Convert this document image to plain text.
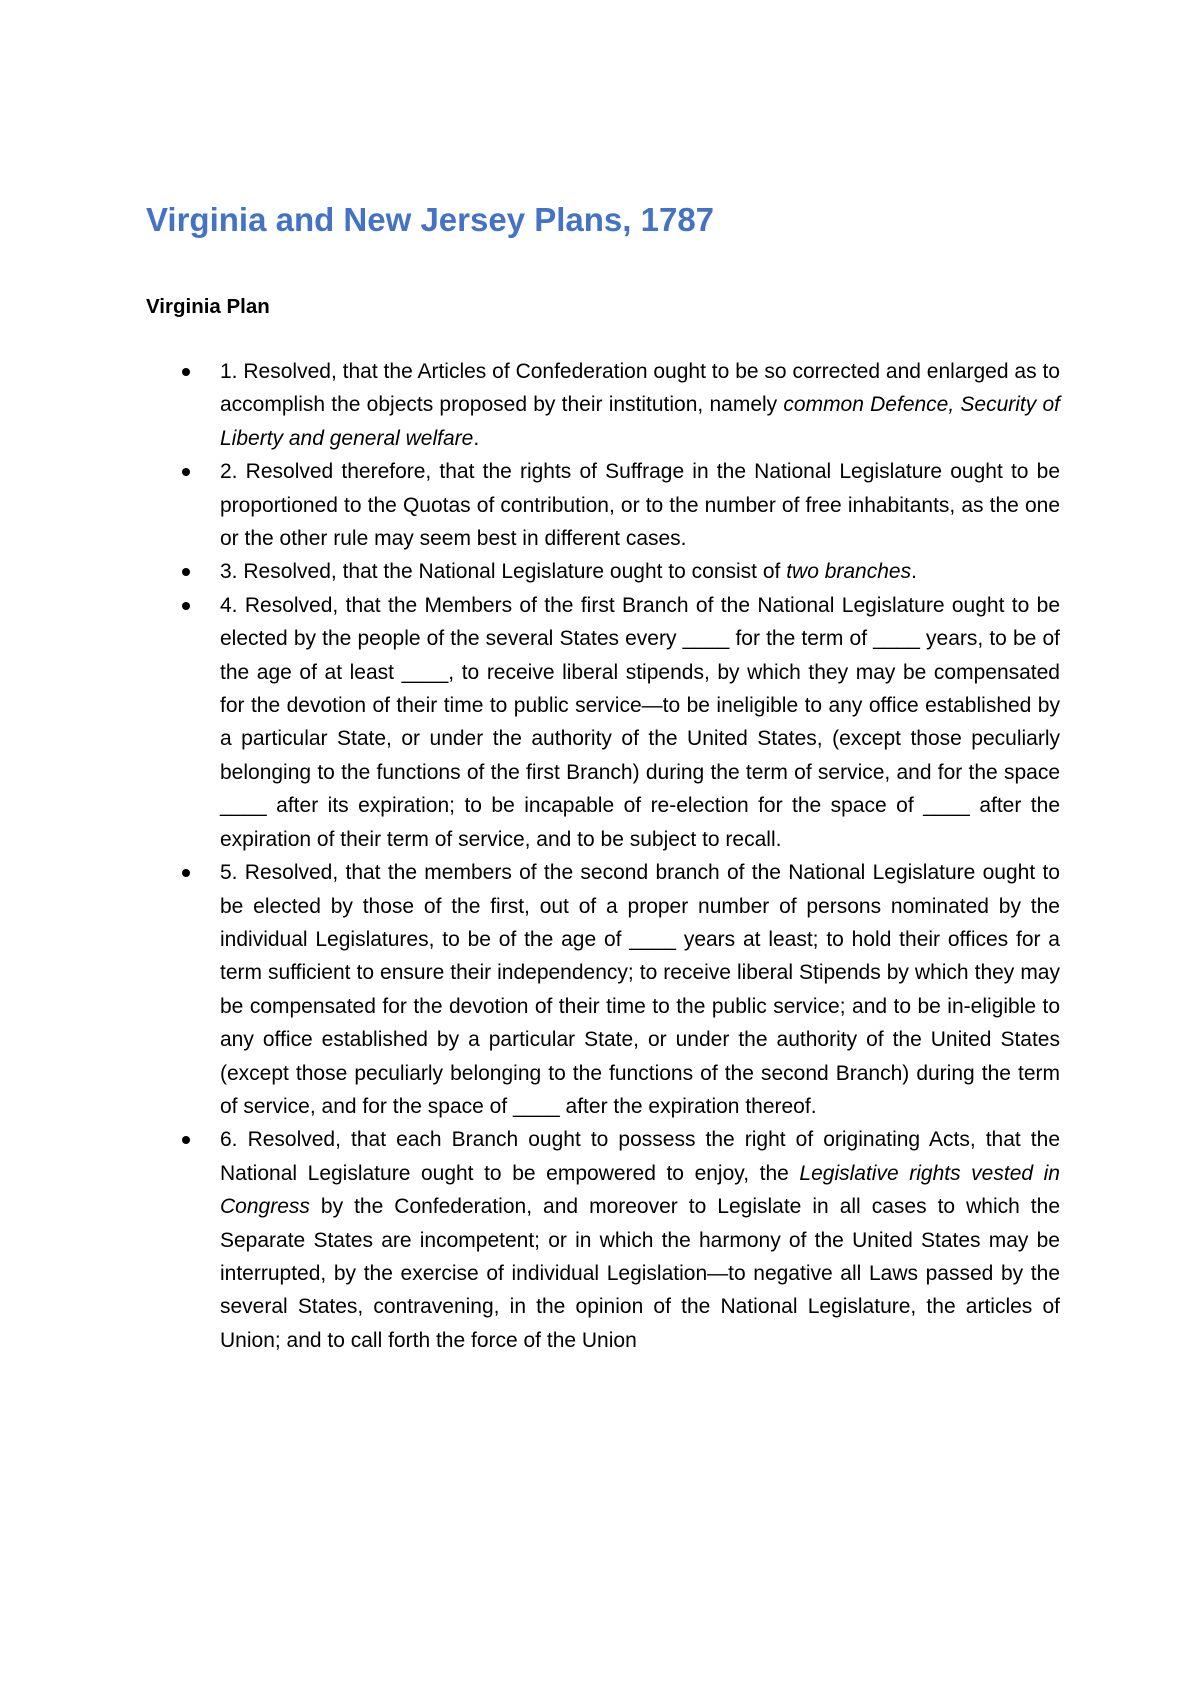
Virginia and New Jersey Plans, 1787
Virginia Plan
1. Resolved, that the Articles of Confederation ought to be so corrected and enlarged as to accomplish the objects proposed by their institution, namely common Defence, Security of Liberty and general welfare.
2. Resolved therefore, that the rights of Suffrage in the National Legislature ought to be proportioned to the Quotas of contribution, or to the number of free inhabitants, as the one or the other rule may seem best in different cases.
3. Resolved, that the National Legislature ought to consist of two branches.
4. Resolved, that the Members of the first Branch of the National Legislature ought to be elected by the people of the several States every ____ for the term of ____ years, to be of the age of at least ____, to receive liberal stipends, by which they may be compensated for the devotion of their time to public service—to be ineligible to any office established by a particular State, or under the authority of the United States, (except those peculiarly belonging to the functions of the first Branch) during the term of service, and for the space ____ after its expiration; to be incapable of re-election for the space of ____ after the expiration of their term of service, and to be subject to recall.
5. Resolved, that the members of the second branch of the National Legislature ought to be elected by those of the first, out of a proper number of persons nominated by the individual Legislatures, to be of the age of ____ years at least; to hold their offices for a term sufficient to ensure their independency; to receive liberal Stipends by which they may be compensated for the devotion of their time to the public service; and to be in-eligible to any office established by a particular State, or under the authority of the United States (except those peculiarly belonging to the functions of the second Branch) during the term of service, and for the space of ____ after the expiration thereof.
6. Resolved, that each Branch ought to possess the right of originating Acts, that the National Legislature ought to be empowered to enjoy, the Legislative rights vested in Congress by the Confederation, and moreover to Legislate in all cases to which the Separate States are incompetent; or in which the harmony of the United States may be interrupted, by the exercise of individual Legislation—to negative all Laws passed by the several States, contravening, in the opinion of the National Legislature, the articles of Union; and to call forth the force of the Union
